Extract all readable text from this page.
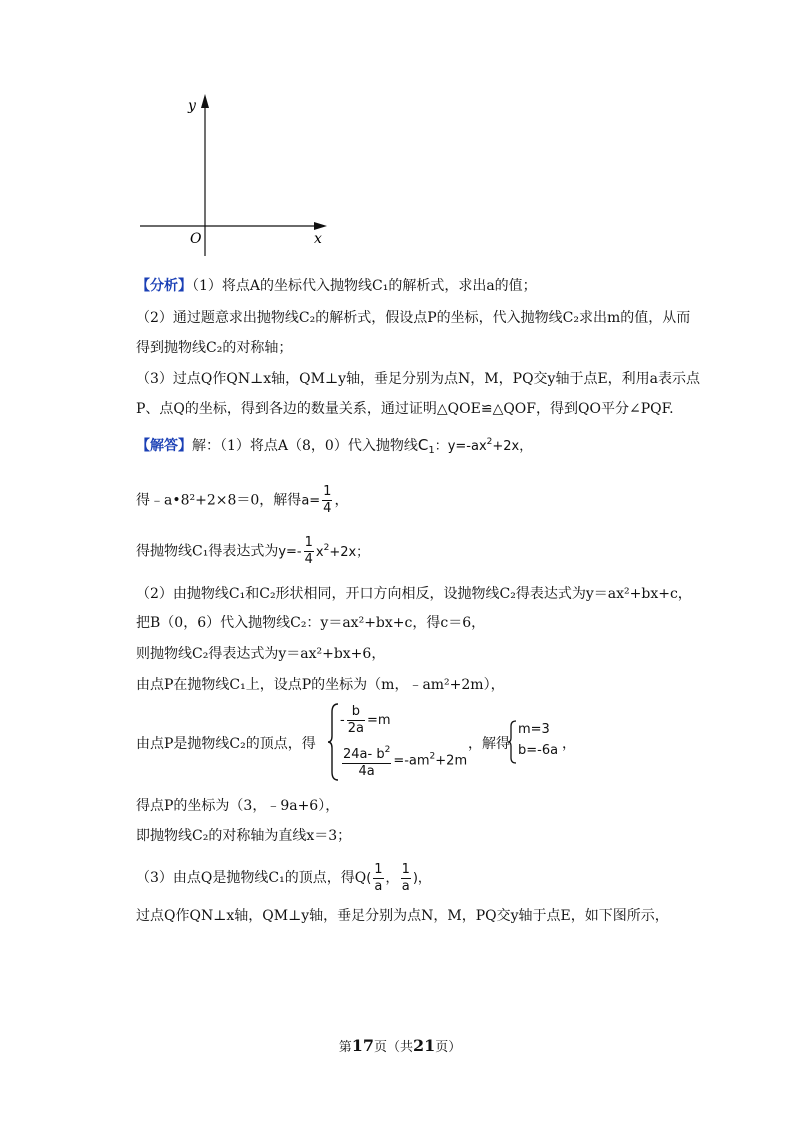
y
x
O
【分析】（1）将点A的坐标代入抛物线C₁的解析式，求出a的值；
（2）通过题意求出抛物线C₂的解析式，假设点P的坐标，代入抛物线C₂求出m的值，从而
得到抛物线C₂的对称轴；
（3）过点Q作QN⊥x轴，QM⊥y轴，垂足分别为点N，M，PQ交y轴于点E，利用a表示点
P、点Q的坐标，得到各边的数量关系，通过证明△QOE≌△QOF，得到QO平分∠PQF.
【解答】解：（1）将点A（8，0）代入抛物线$C_1$：$y=-ax^2+2x$，
得﹣a•8²+2×8＝0，解得$a= \frac{1}{4}$ ，
得抛物线C₁得表达式为$y=- \frac{1}{4} x^2+2x$；
（2）由抛物线C₁和C₂形状相同，开口方向相反，设抛物线C₂得表达式为y＝ax²+bx+c，
把B（0，6）代入抛物线C₂：y＝ax²+bx+c，得c＝6，
则抛物线C₂得表达式为y＝ax²+bx+6，
由点P在抛物线C₁上，设点P的坐标为（m，﹣am²+2m），
由点P是抛物线C₂的顶点，得
- $\frac{b}{2a} =m$
$\frac{24a- b^2}{4a} =-am^2+2m$
，解得
m=3
b=-6a ，
得点P的坐标为（3，﹣9a+6），
即抛物线C₂的对称轴为直线x＝3；
（3）由点Q是抛物线C₁的顶点，得$Q( \frac{1}{a}$ ， $\frac{1}{a}$ )，
过点Q作QN⊥x轴，QM⊥y轴，垂足分别为点N，M，PQ交y轴于点E，如下图所示，
第17页（共21页）
